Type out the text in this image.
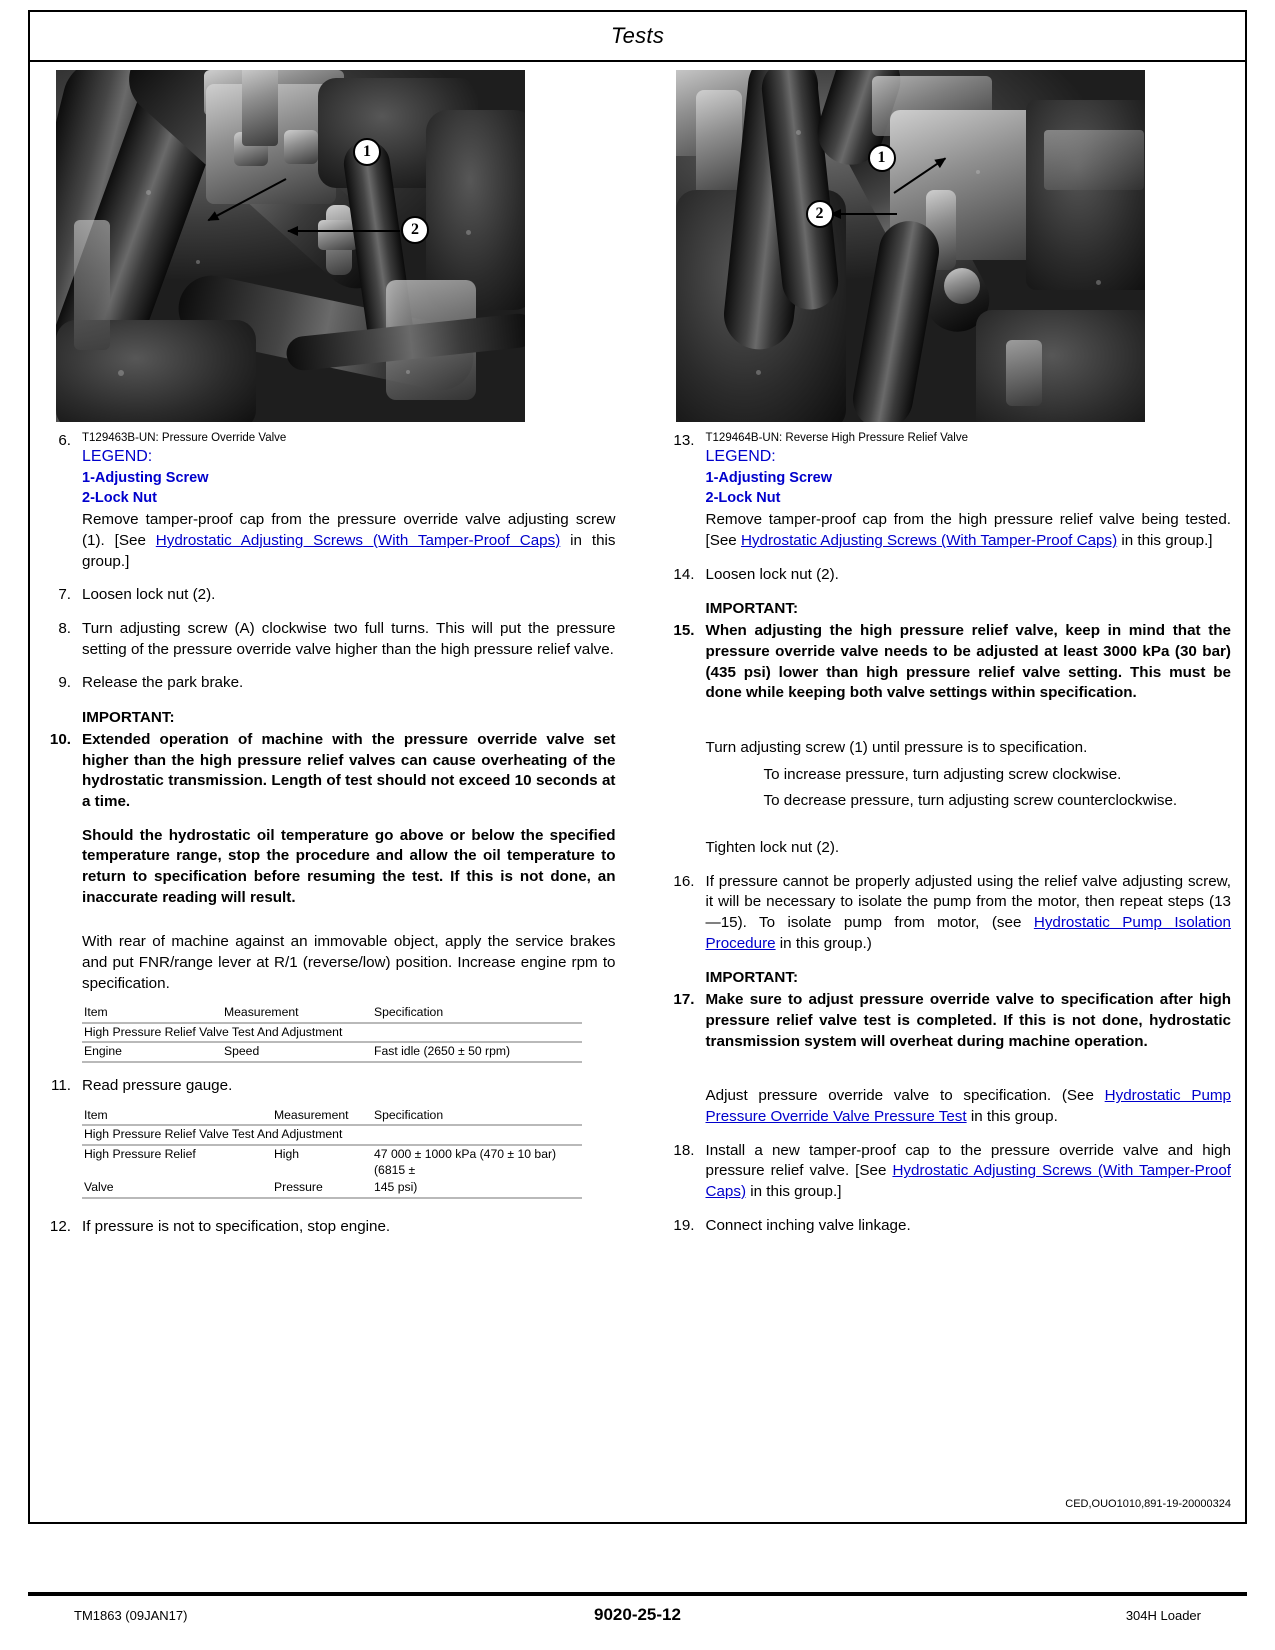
Tests
1
2
6. T129463B-UN: Pressure Override Valve
LEGEND:
1-Adjusting Screw
2-Lock Nut
Remove tamper-proof cap from the pressure override valve adjusting screw (1). [See Hydrostatic Adjusting Screws (With Tamper-Proof Caps) in this group.]
7. Loosen lock nut (2).
8. Turn adjusting screw (A) clockwise two full turns. This will put the pressure setting of the pressure override valve higher than the high pressure relief valve.
9. Release the park brake.
IMPORTANT:
10. Extended operation of machine with the pressure override valve set higher than the high pressure relief valves can cause overheating of the hydrostatic transmission. Length of test should not exceed 10 seconds at a time.
Should the hydrostatic oil temperature go above or below the specified temperature range, stop the procedure and allow the oil temperature to return to specification before resuming the test. If this is not done, an inaccurate reading will result.
With rear of machine against an immovable object, apply the service brakes and put FNR/range lever at R/1 (reverse/low) position. Increase engine rpm to specification.
Item	Measurement	Specification
High Pressure Relief Valve Test And Adjustment		
Engine	Speed	Fast idle (2650 ± 50 rpm)
11. Read pressure gauge.
Item	Measurement	Specification
High Pressure Relief Valve Test And Adjustment		
High Pressure Relief	High	47 000 ± 1000 kPa (470 ± 10 bar) (6815 ±
Valve	Pressure	145 psi)
12. If pressure is not to specification, stop engine.
1
2
13. T129464B-UN: Reverse High Pressure Relief Valve
LEGEND:
1-Adjusting Screw
2-Lock Nut
Remove tamper-proof cap from the high pressure relief valve being tested. [See Hydrostatic Adjusting Screws (With Tamper-Proof Caps) in this group.]
14. Loosen lock nut (2).
IMPORTANT:
15. When adjusting the high pressure relief valve, keep in mind that the pressure override valve needs to be adjusted at least 3000 kPa (30 bar) (435 psi) lower than high pressure relief valve setting. This must be done while keeping both valve settings within specification.
Turn adjusting screw (1) until pressure is to specification.
To increase pressure, turn adjusting screw clockwise.
To decrease pressure, turn adjusting screw counterclockwise.
Tighten lock nut (2).
16. If pressure cannot be properly adjusted using the relief valve adjusting screw, it will be necessary to isolate the pump from the motor, then repeat steps (13—15). To isolate pump from motor, (see Hydrostatic Pump Isolation Procedure in this group.)
IMPORTANT:
17. Make sure to adjust pressure override valve to specification after high pressure relief valve test is completed. If this is not done, hydrostatic transmission system will overheat during machine operation.
Adjust pressure override valve to specification. (See Hydrostatic Pump Pressure Override Valve Pressure Test in this group.
18. Install a new tamper-proof cap to the pressure override valve and high pressure relief valve. [See Hydrostatic Adjusting Screws (With Tamper-Proof Caps) in this group.]
19. Connect inching valve linkage.
CED,OUO1010,891-19-20000324
TM1863 (09JAN17)	9020-25-12	304H Loader
